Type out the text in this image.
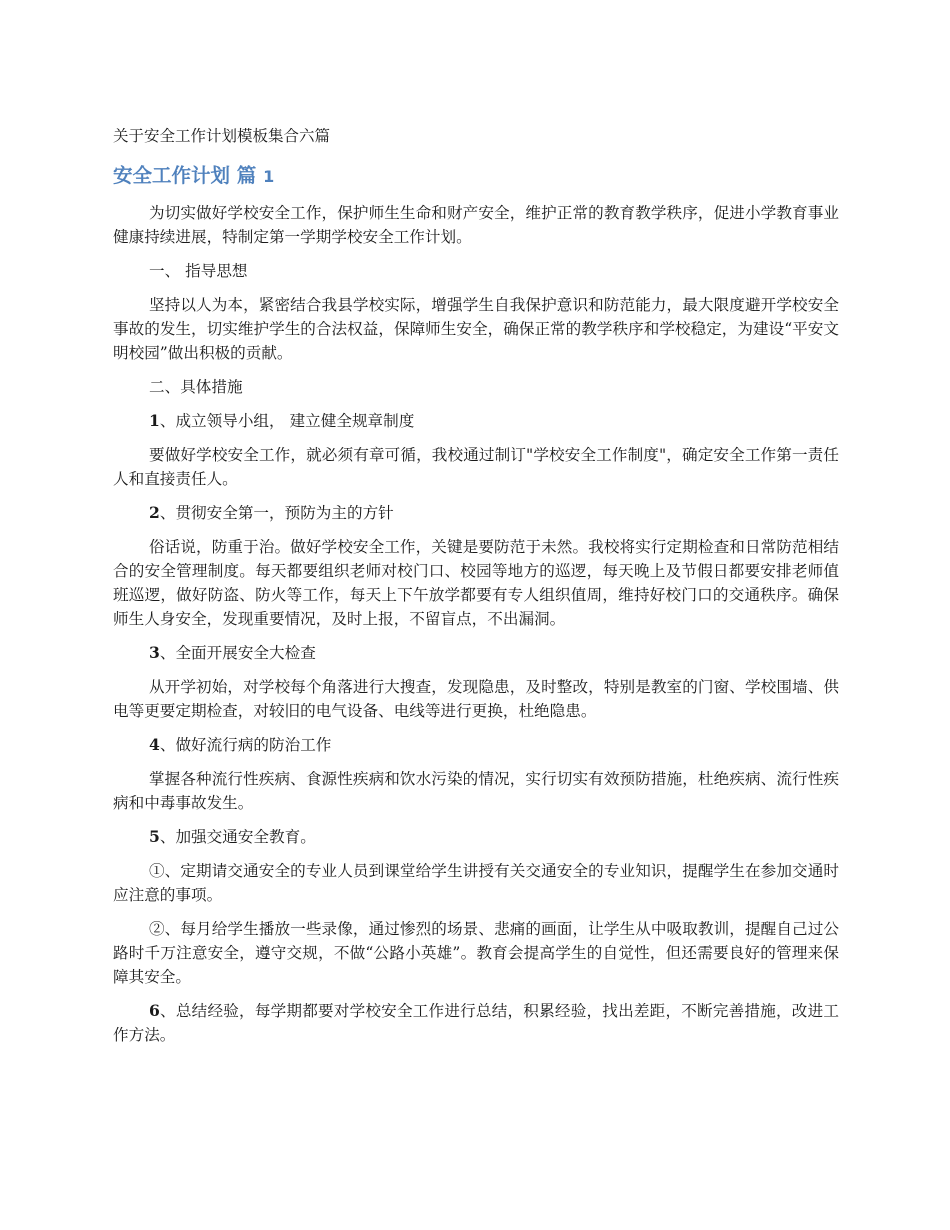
关于安全工作计划模板集合六篇
安全工作计划 篇 1
为切实做好学校安全工作，保护师生生命和财产安全，维护正常的教育教学秩序，促进小学教育事业健康持续进展，特制定第一学期学校安全工作计划。
一、 指导思想
坚持以人为本，紧密结合我县学校实际，增强学生自我保护意识和防范能力，最大限度避开学校安全事故的发生，切实维护学生的合法权益，保障师生安全，确保正常的教学秩序和学校稳定，为建设“平安文明校园”做出积极的贡献。
二、具体措施
1、成立领导小组， 建立健全规章制度
要做好学校安全工作，就必须有章可循，我校通过制订"学校安全工作制度"，确定安全工作第一责任人和直接责任人。
2、贯彻安全第一，预防为主的方针
俗话说，防重于治。做好学校安全工作，关键是要防范于未然。我校将实行定期检查和日常防范相结合的安全管理制度。每天都要组织老师对校门口、校园等地方的巡逻，每天晚上及节假日都要安排老师值班巡逻，做好防盗、防火等工作，每天上下午放学都要有专人组织值周，维持好校门口的交通秩序。确保师生人身安全，发现重要情况，及时上报，不留盲点，不出漏洞。
3、全面开展安全大检查
从开学初始，对学校每个角落进行大搜查，发现隐患，及时整改，特别是教室的门窗、学校围墙、供电等更要定期检查，对较旧的电气设备、电线等进行更换，杜绝隐患。
4、做好流行病的防治工作
掌握各种流行性疾病、食源性疾病和饮水污染的情况，实行切实有效预防措施，杜绝疾病、流行性疾病和中毒事故发生。
5、加强交通安全教育。
①、定期请交通安全的专业人员到课堂给学生讲授有关交通安全的专业知识，提醒学生在参加交通时应注意的事项。
②、每月给学生播放一些录像，通过惨烈的场景、悲痛的画面，让学生从中吸取教训，提醒自己过公路时千万注意安全，遵守交规，不做“公路小英雄”。教育会提高学生的自觉性，但还需要良好的管理来保障其安全。
6、总结经验，每学期都要对学校安全工作进行总结，积累经验，找出差距，不断完善措施，改进工作方法。
